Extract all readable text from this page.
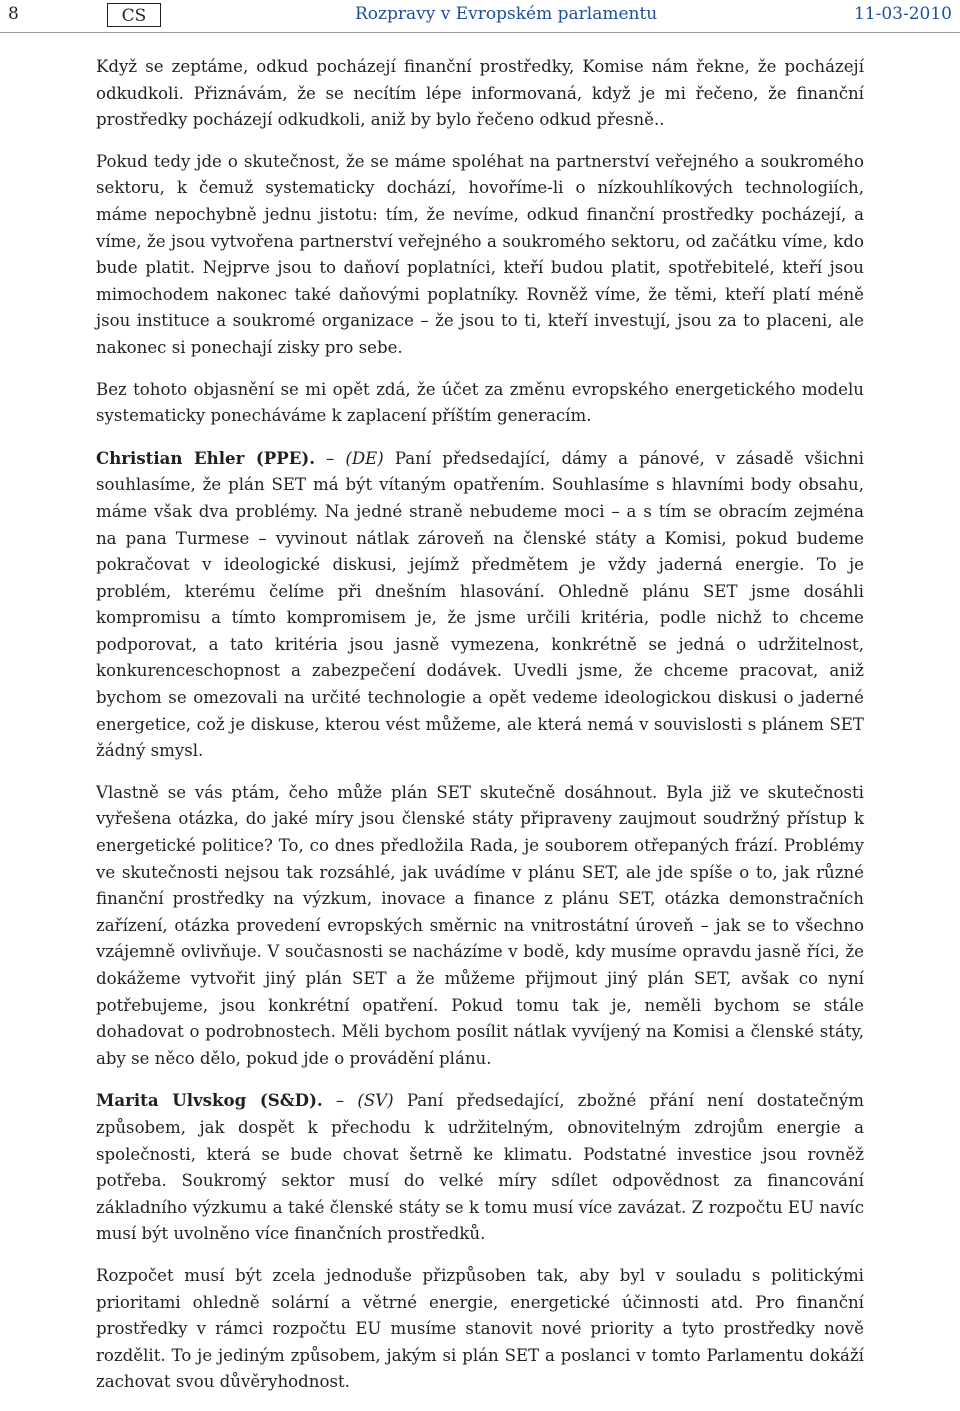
8	CS	Rozpravy v Evropském parlamentu	11-03-2010

Když se zeptáme, odkud pocházejí finanční prostředky, Komise nám řekne, že pocházejí odkudkoli. Přiznávám, že se necítím lépe informovaná, když je mi řečeno, že finanční prostředky pocházejí odkudkoli, aniž by bylo řečeno odkud přesně..

Pokud tedy jde o skutečnost, že se máme spoléhat na partnerství veřejného a soukromého sektoru, k čemuž systematicky dochází, hovoříme-li o nízkouhlíkových technologiích, máme nepochybně jednu jistotu: tím, že nevíme, odkud finanční prostředky pocházejí, a víme, že jsou vytvořena partnerství veřejného a soukromého sektoru, od začátku víme, kdo bude platit. Nejprve jsou to daňoví poplatníci, kteří budou platit, spotřebitelé, kteří jsou mimochodem nakonec také daňovými poplatníky. Rovněž víme, že těmi, kteří platí méně jsou instituce a soukromé organizace – že jsou to ti, kteří investují, jsou za to placeni, ale nakonec si ponechají zisky pro sebe.

Bez tohoto objasnění se mi opět zdá, že účet za změnu evropského energetického modelu systematicky ponecháváme k zaplacení příštím generacím.

Christian Ehler (PPE). – (DE) Paní předsedající, dámy a pánové, v zásadě všichni souhlasíme, že plán SET má být vítaným opatřením. Souhlasíme s hlavními body obsahu, máme však dva problémy. Na jedné straně nebudeme moci – a s tím se obracím zejména na pana Turmese – vyvinout nátlak zároveň na členské státy a Komisi, pokud budeme pokračovat v ideologické diskusi, jejímž předmětem je vždy jaderná energie. To je problém, kterému čelíme při dnešním hlasování. Ohledně plánu SET jsme dosáhli kompromisu a tímto kompromisem je, že jsme určili kritéria, podle nichž to chceme podporovat, a tato kritéria jsou jasně vymezena, konkrétně se jedná o udržitelnost, konkurenceschopnost a zabezpečení dodávek. Uvedli jsme, že chceme pracovat, aniž bychom se omezovali na určité technologie a opět vedeme ideologickou diskusi o jaderné energetice, což je diskuse, kterou vést můžeme, ale která nemá v souvislosti s plánem SET žádný smysl.

Vlastně se vás ptám, čeho může plán SET skutečně dosáhnout. Byla již ve skutečnosti vyřešena otázka, do jaké míry jsou členské státy připraveny zaujmout soudržný přístup k energetické politice? To, co dnes předložila Rada, je souborem otřepaných frází. Problémy ve skutečnosti nejsou tak rozsáhlé, jak uvádíme v plánu SET, ale jde spíše o to, jak různé finanční prostředky na výzkum, inovace a finance z plánu SET, otázka demonstračních zařízení, otázka provedení evropských směrnic na vnitrostátní úroveň – jak se to všechno vzájemně ovlivňuje. V současnosti se nacházíme v bodě, kdy musíme opravdu jasně říci, že dokážeme vytvořit jiný plán SET a že můžeme přijmout jiný plán SET, avšak co nyní potřebujeme, jsou konkrétní opatření. Pokud tomu tak je, neměli bychom se stále dohadovat o podrobnostech. Měli bychom posílit nátlak vyvíjený na Komisi a členské státy, aby se něco dělo, pokud jde o provádění plánu.

Marita Ulvskog (S&D). – (SV) Paní předsedající, zbožné přání není dostatečným způsobem, jak dospět k přechodu k udržitelným, obnovitelným zdrojům energie a společnosti, která se bude chovat šetrně ke klimatu. Podstatné investice jsou rovněž potřeba. Soukromý sektor musí do velké míry sdílet odpovědnost za financování základního výzkumu a také členské státy se k tomu musí více zavázat. Z rozpočtu EU navíc musí být uvolněno více finančních prostředků.

Rozpočet musí být zcela jednoduše přizpůsoben tak, aby byl v souladu s politickými prioritami ohledně solární a větrné energie, energetické účinnosti atd. Pro finanční prostředky v rámci rozpočtu EU musíme stanovit nové priority a tyto prostředky nově rozdělit. To je jediným způsobem, jakým si plán SET a poslanci v tomto Parlamentu dokáží zachovat svou důvěryhodnost.
